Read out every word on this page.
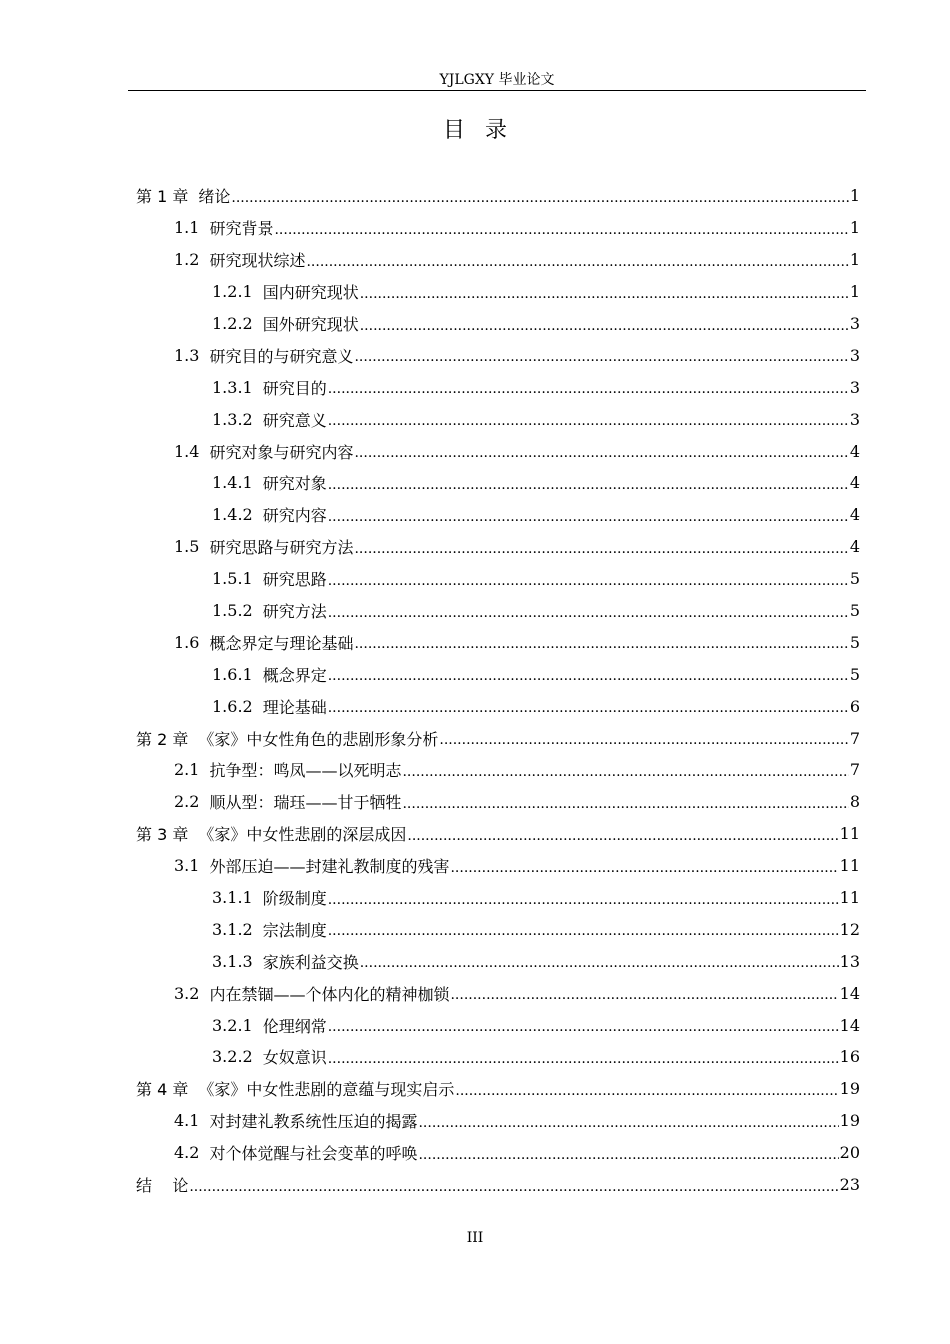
YJLGXY 毕业论文
目录
第 1 章 绪论 .....	1
1.1 研究背景 .....	1
1.2 研究现状综述 .....	1
1.2.1 国内研究现状 .....	1
1.2.2 国外研究现状 .....	3
1.3 研究目的与研究意义 .....	3
1.3.1 研究目的 .....	3
1.3.2 研究意义 .....	3
1.4 研究对象与研究内容 .....	4
1.4.1 研究对象 .....	4
1.4.2 研究内容 .....	4
1.5 研究思路与研究方法 .....	4
1.5.1 研究思路 .....	5
1.5.2 研究方法 .....	5
1.6 概念界定与理论基础 .....	5
1.6.1 概念界定 .....	5
1.6.2 理论基础 .....	6
第 2 章 《家》中女性角色的悲剧形象分析 .....	7
2.1 抗争型：鸣凤——以死明志 .....	7
2.2 顺从型：瑞珏——甘于牺牲 .....	8
第 3 章 《家》中女性悲剧的深层成因 .....	11
3.1 外部压迫——封建礼教制度的残害 .....	11
3.1.1 阶级制度 .....	11
3.1.2 宗法制度 .....	12
3.1.3 家族利益交换 .....	13
3.2 内在禁锢——个体内化的精神枷锁 .....	14
3.2.1 伦理纲常 .....	14
3.2.2 女奴意识 .....	16
第 4 章 《家》中女性悲剧的意蕴与现实启示 .....	19
4.1 对封建礼教系统性压迫的揭露 .....	19
4.2 对个体觉醒与社会变革的呼唤 .....	20
结    论 .....	23
III
